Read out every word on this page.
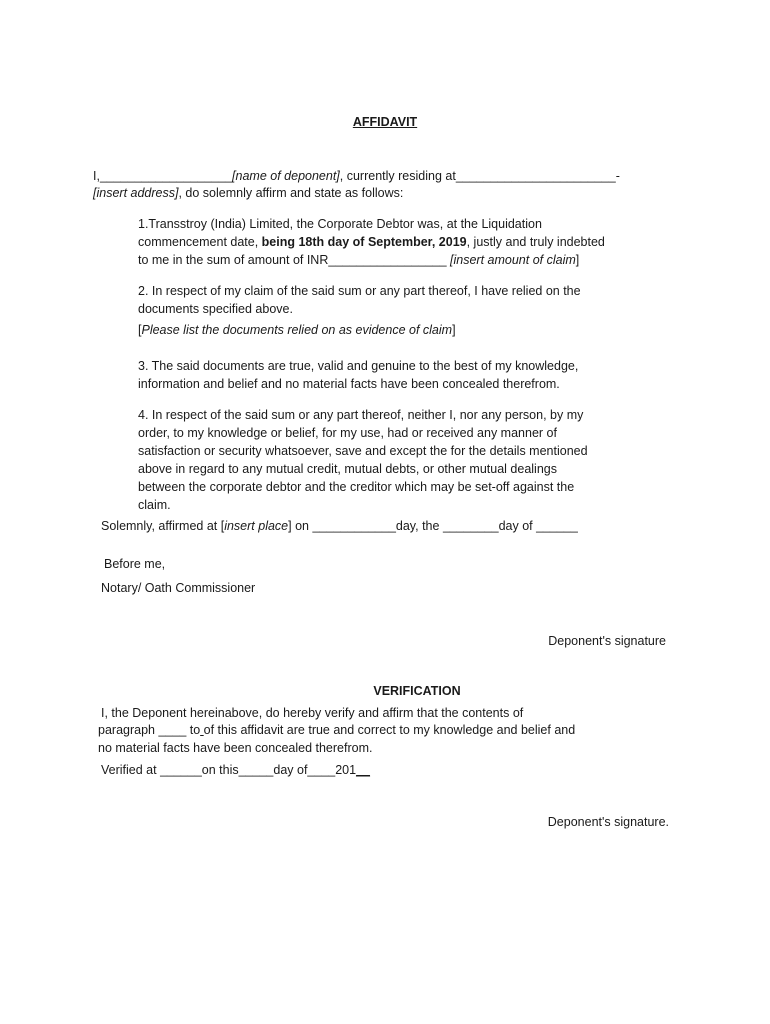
AFFIDAVIT
I,___________________[name of deponent], currently residing at_______________________-
[insert address], do solemnly affirm and state as follows:
1.Transstroy (India) Limited, the Corporate Debtor was, at the Liquidation
commencement date, being 18th day of September, 2019, justly and truly indebted
to me in the sum of amount of INR_________________ [insert amount of claim]
2. In respect of my claim of the said sum or any part thereof, I have relied on the
documents specified above.
[Please list the documents relied on as evidence of claim]
3. The said documents are true, valid and genuine to the best of my knowledge,
information and belief and no material facts have been concealed therefrom.
4. In respect of the said sum or any part thereof, neither I, nor any person, by my
order, to my knowledge or belief, for my use, had or received any manner of
satisfaction or security whatsoever, save and except the for the details mentioned
above in regard to any mutual credit, mutual debts, or other mutual dealings
between the corporate debtor and the creditor which may be set-off against the
claim.
Solemnly, affirmed at [insert place] on ____________day, the ________day of ______
Before me,
Notary/ Oath Commissioner
Deponent's signature
VERIFICATION
I, the Deponent hereinabove, do hereby verify and affirm that the contents of
paragraph ____ to of this affidavit are true and correct to my knowledge and belief and
no material facts have been concealed therefrom.
Verified at ______on this_____day of____201__
Deponent's signature.
